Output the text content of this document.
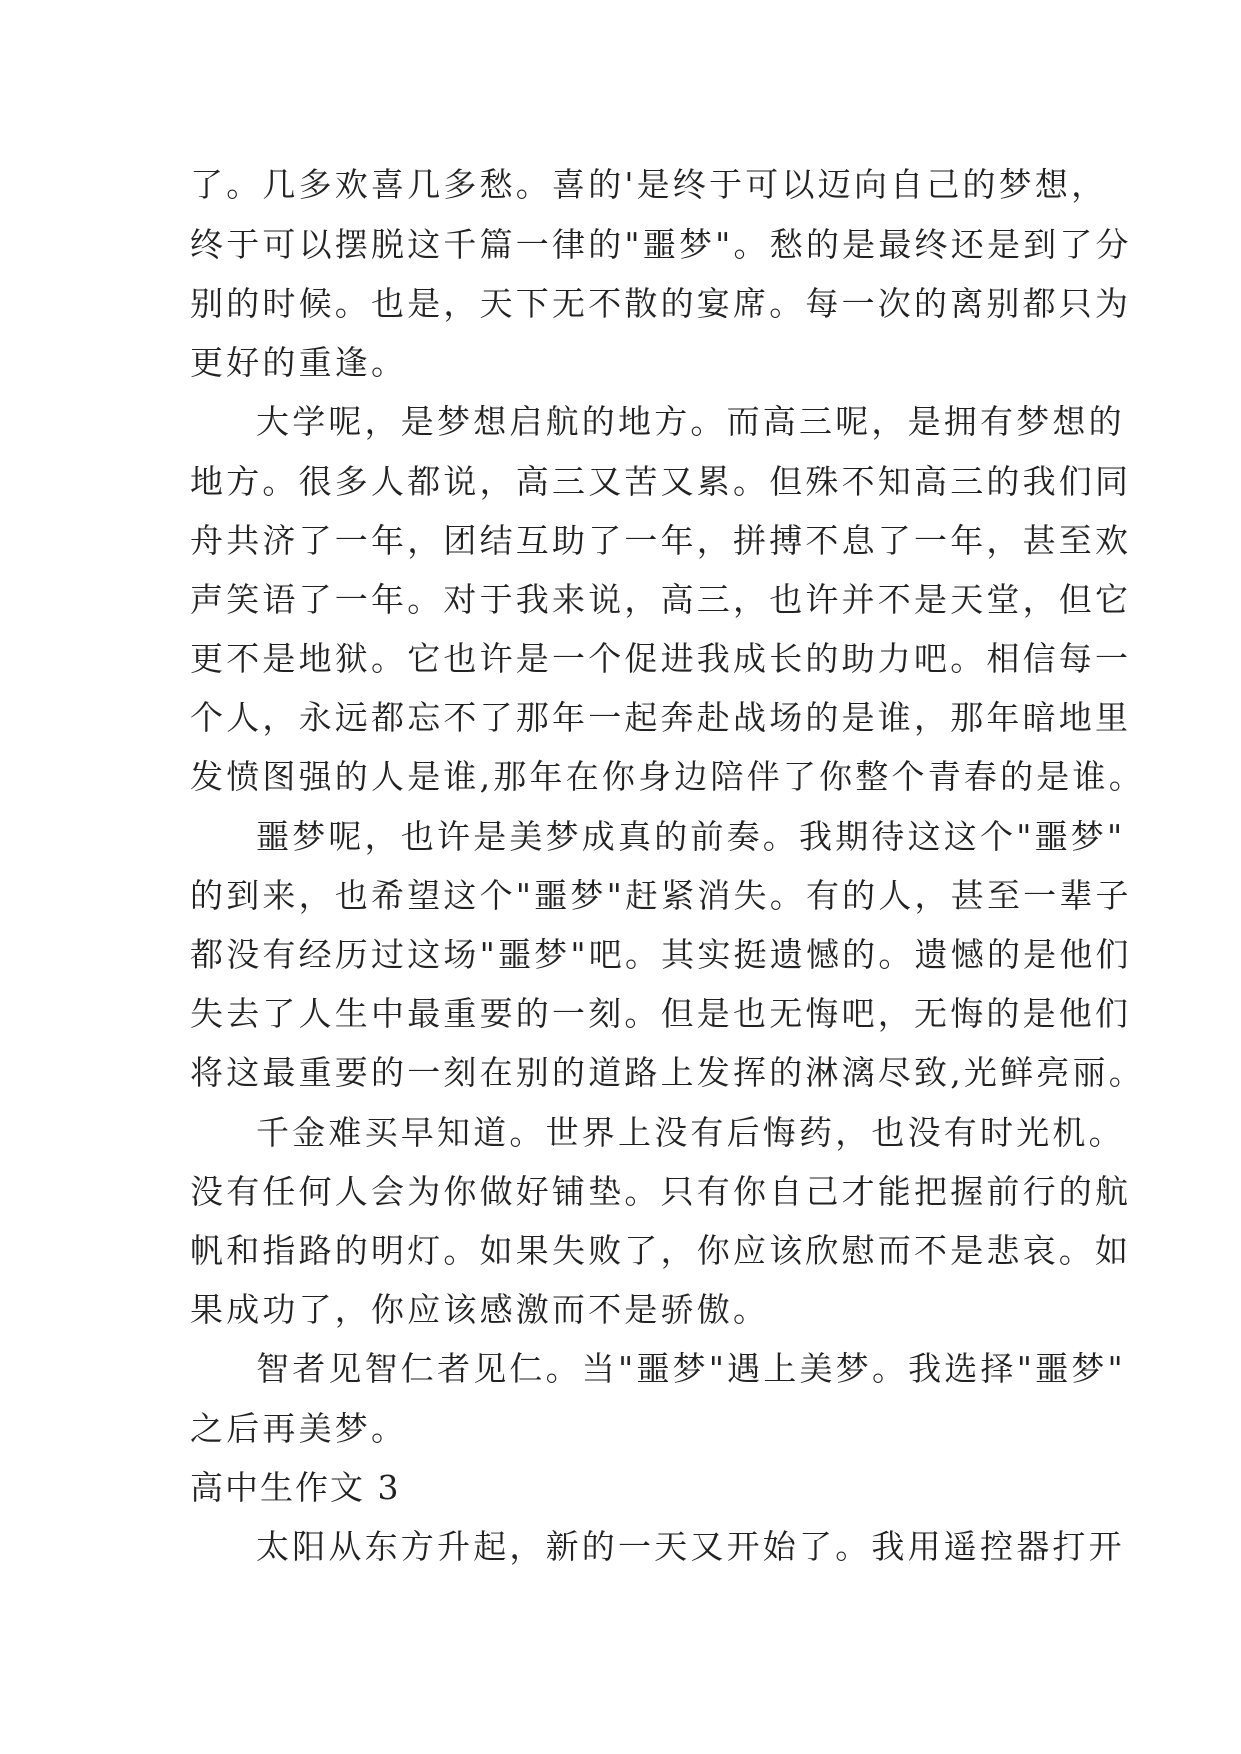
了。几多欢喜几多愁。喜的'是终于可以迈向自己的梦想，
终于可以摆脱这千篇一律的"噩梦"。愁的是最终还是到了分
别的时候。也是，天下无不散的宴席。每一次的离别都只为
更好的重逢。
大学呢，是梦想启航的地方。而高三呢，是拥有梦想的
地方。很多人都说，高三又苦又累。但殊不知高三的我们同
舟共济了一年，团结互助了一年，拼搏不息了一年，甚至欢
声笑语了一年。对于我来说，高三，也许并不是天堂，但它
更不是地狱。它也许是一个促进我成长的助力吧。相信每一
个人，永远都忘不了那年一起奔赴战场的是谁，那年暗地里
发愤图强的人是谁,那年在你身边陪伴了你整个青春的是谁。
噩梦呢，也许是美梦成真的前奏。我期待这这个"噩梦"
的到来，也希望这个"噩梦"赶紧消失。有的人，甚至一辈子
都没有经历过这场"噩梦"吧。其实挺遗憾的。遗憾的是他们
失去了人生中最重要的一刻。但是也无悔吧，无悔的是他们
将这最重要的一刻在别的道路上发挥的淋漓尽致,光鲜亮丽。
千金难买早知道。世界上没有后悔药，也没有时光机。
没有任何人会为你做好铺垫。只有你自己才能把握前行的航
帆和指路的明灯。如果失败了，你应该欣慰而不是悲哀。如
果成功了，你应该感激而不是骄傲。
智者见智仁者见仁。当"噩梦"遇上美梦。我选择"噩梦"
之后再美梦。
高中生作文 3
太阳从东方升起，新的一天又开始了。我用遥控器打开
